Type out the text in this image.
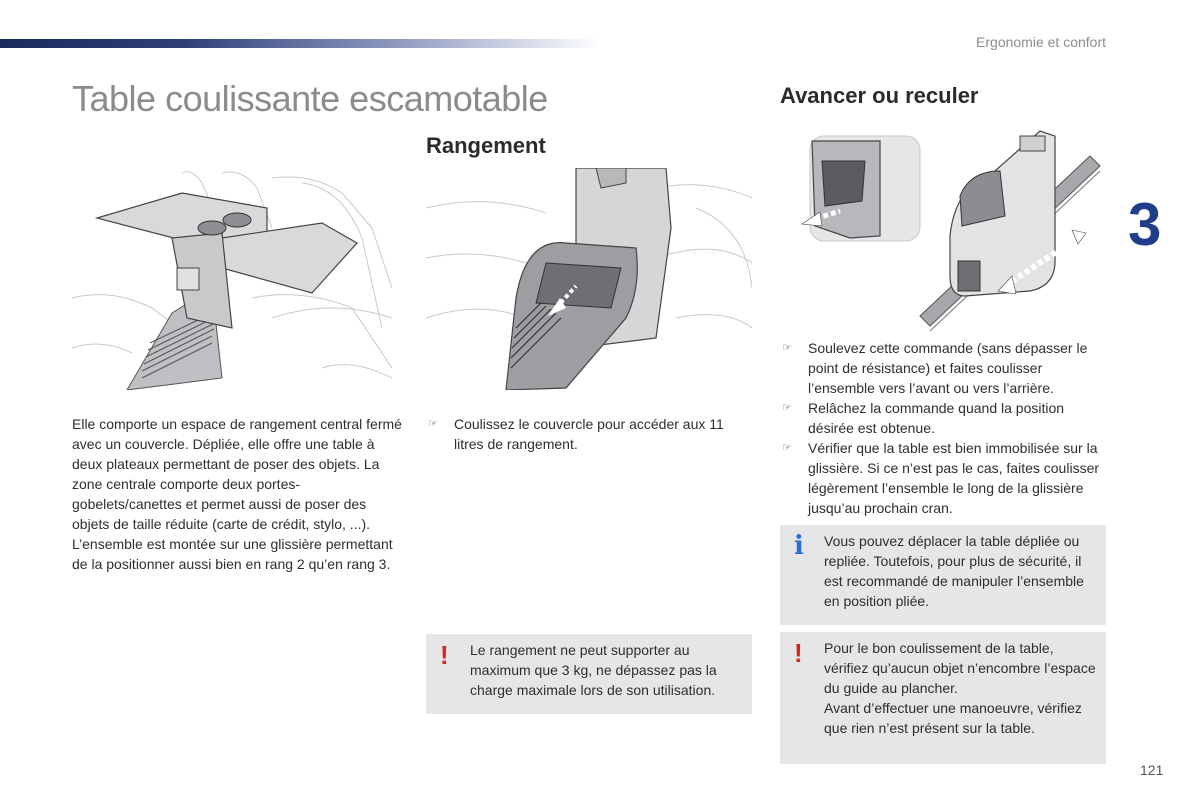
Ergonomie et confort
3
Table coulissante escamotable
Rangement
Avancer ou reculer

Elle comporte un espace de rangement central fermé avec un couvercle. Dépliée, elle offre une table à deux plateaux permettant de poser des objets. La zone centrale comporte deux portes-gobelets/canettes et permet aussi de poser des objets de taille réduite (carte de crédit, stylo, ...).
L’ensemble est montée sur une glissière permettant de la positionner aussi bien en rang 2 qu’en rang 3.

☞ Coulissez le couvercle pour accéder aux 11 litres de rangement.
! Le rangement ne peut supporter au maximum que 3 kg, ne dépassez pas la charge maximale lors de son utilisation.
☞ Soulevez cette commande (sans dépasser le point de résistance) et faites coulisser l’ensemble vers l’avant ou vers l’arrière.
☞ Relâchez la commande quand la position désirée est obtenue.
☞ Vérifier que la table est bien immobilisée sur la glissière. Si ce n’est pas le cas, faites coulisser légèrement l’ensemble le long de la glissière jusqu’au prochain cran.
i Vous pouvez déplacer la table dépliée ou repliée. Toutefois, pour plus de sécurité, il est recommandé de manipuler l’ensemble en position pliée.
! Pour le bon coulissement de la table, vérifiez qu’aucun objet n’encombre l’espace du guide au plancher.
Avant d’effectuer une manoeuvre, vérifiez que rien n’est présent sur la table.
121
